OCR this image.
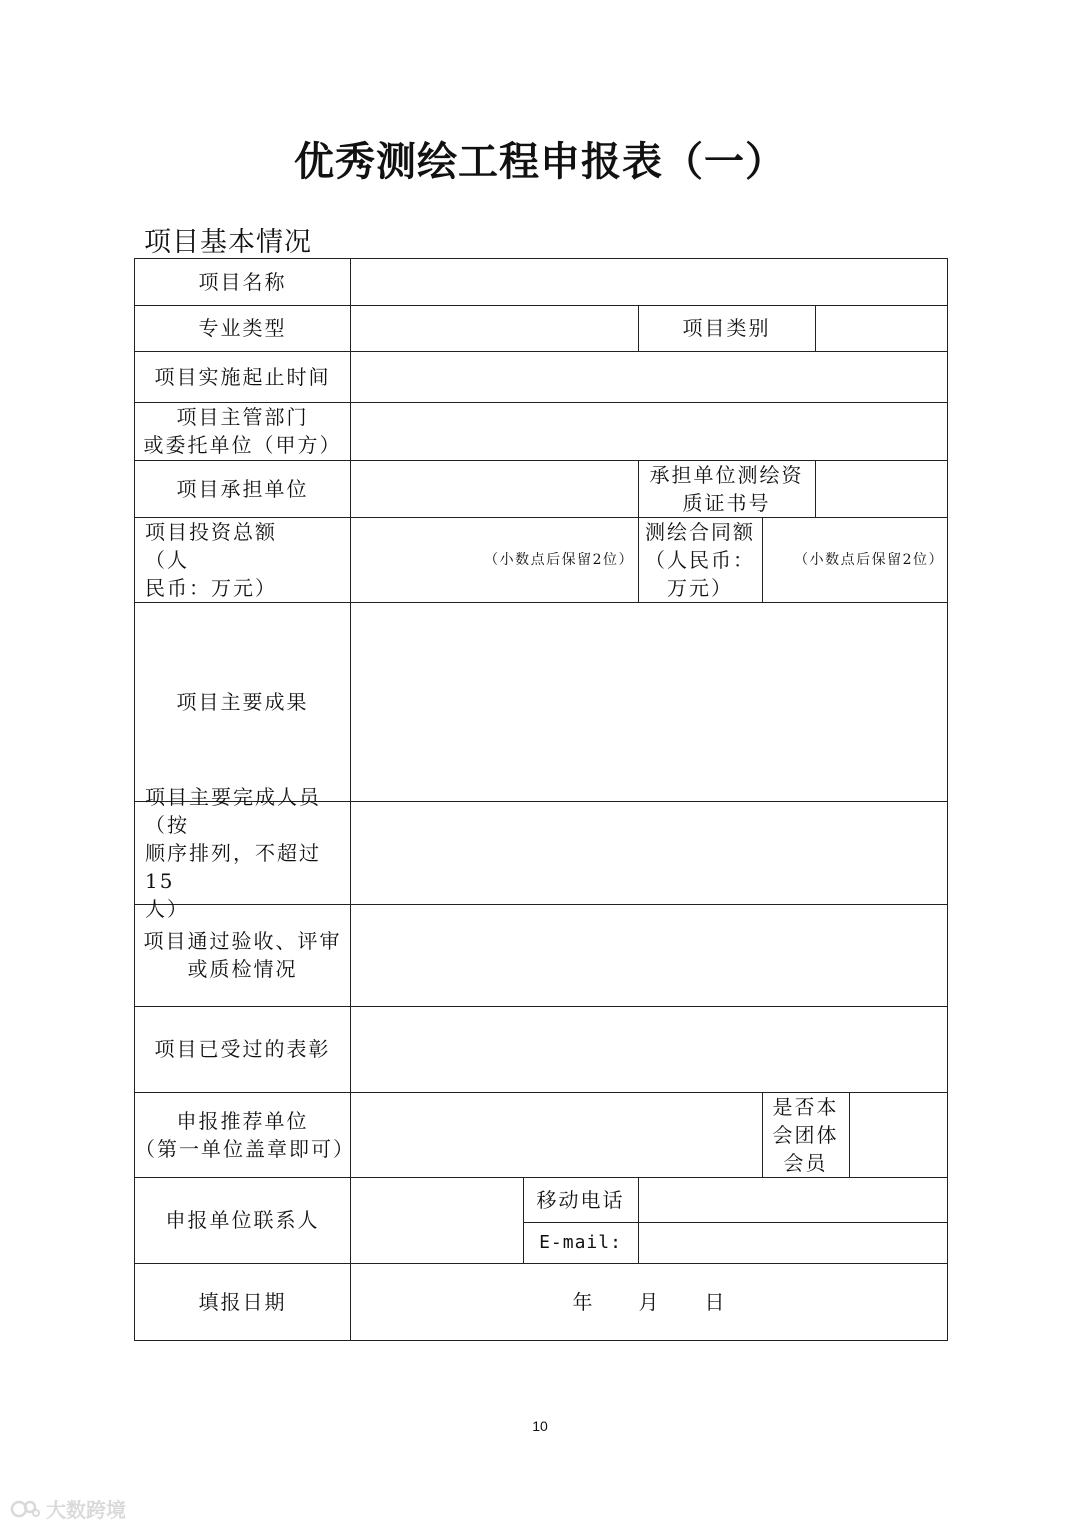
优秀测绘工程申报表（一）
项目基本情况
项目名称
专业类型	项目类别
项目实施起止时间
项目主管部门
或委托单位（甲方）
项目承担单位
承担单位测绘资
质证书号
项目投资总额　　（人
民币：万元）
（小数点后保留2位）
测绘合同额
（人民币：
万元）
（小数点后保留2位）
项目主要成果
项目主要完成人员（按
顺序排列，不超过15
人）
项目通过验收、评审
或质检情况
项目已受过的表彰
申报推荐单位
（第一单位盖章即可）
是否本
会团体
会员
申报单位联系人
移动电话
E-mail:
填报日期	年　　月　　日
10
大数跨境
